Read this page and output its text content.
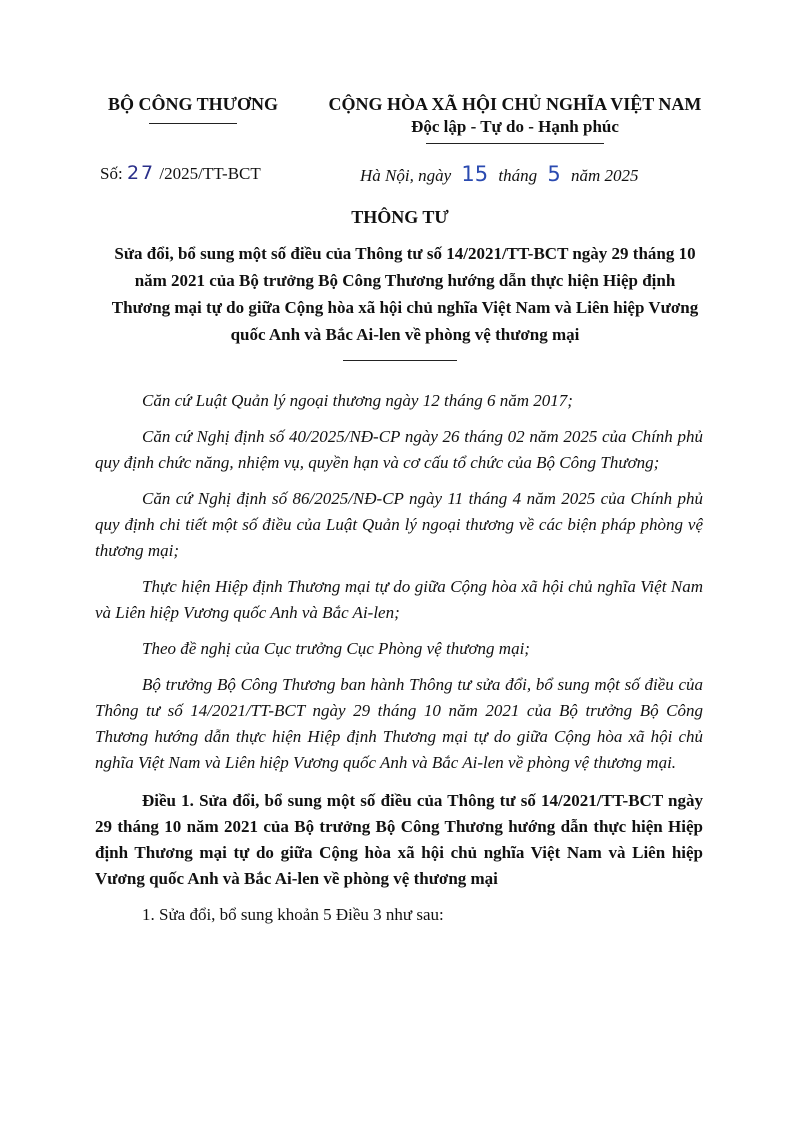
BỘ CÔNG THƯƠNG	CỘNG HÒA XÃ HỘI CHỦ NGHĨA VIỆT NAM
Độc lập - Tự do - Hạnh phúc
Số: 27 /2025/TT-BCT	Hà Nội, ngày 15 tháng 5 năm 2025
THÔNG TƯ
Sửa đổi, bổ sung một số điều của Thông tư số 14/2021/TT-BCT ngày 29 tháng 10 năm 2021 của Bộ trưởng Bộ Công Thương hướng dẫn thực hiện Hiệp định Thương mại tự do giữa Cộng hòa xã hội chủ nghĩa Việt Nam và Liên hiệp Vương quốc Anh và Bắc Ai-len về phòng vệ thương mại

Căn cứ Luật Quản lý ngoại thương ngày 12 tháng 6 năm 2017;

Căn cứ Nghị định số 40/2025/NĐ-CP ngày 26 tháng 02 năm 2025 của Chính phủ quy định chức năng, nhiệm vụ, quyền hạn và cơ cấu tổ chức của Bộ Công Thương;

Căn cứ Nghị định số 86/2025/NĐ-CP ngày 11 tháng 4 năm 2025 của Chính phủ quy định chi tiết một số điều của Luật Quản lý ngoại thương về các biện pháp phòng vệ thương mại;

Thực hiện Hiệp định Thương mại tự do giữa Cộng hòa xã hội chủ nghĩa Việt Nam và Liên hiệp Vương quốc Anh và Bắc Ai-len;

Theo đề nghị của Cục trưởng Cục Phòng vệ thương mại;

Bộ trưởng Bộ Công Thương ban hành Thông tư sửa đổi, bổ sung một số điều của Thông tư số 14/2021/TT-BCT ngày 29 tháng 10 năm 2021 của Bộ trưởng Bộ Công Thương hướng dẫn thực hiện Hiệp định Thương mại tự do giữa Cộng hòa xã hội chủ nghĩa Việt Nam và Liên hiệp Vương quốc Anh và Bắc Ai-len về phòng vệ thương mại.

Điều 1. Sửa đổi, bổ sung một số điều của Thông tư số 14/2021/TT-BCT ngày 29 tháng 10 năm 2021 của Bộ trưởng Bộ Công Thương hướng dẫn thực hiện Hiệp định Thương mại tự do giữa Cộng hòa xã hội chủ nghĩa Việt Nam và Liên hiệp Vương quốc Anh và Bắc Ai-len về phòng vệ thương mại

1. Sửa đổi, bổ sung khoản 5 Điều 3 như sau:
